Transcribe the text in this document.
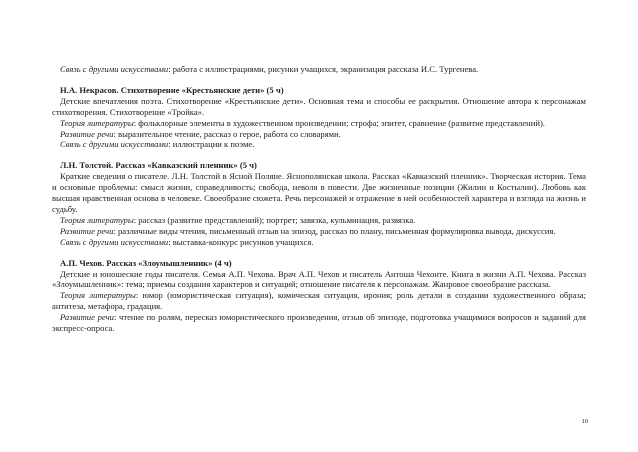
Связь с другими искусствами: работа с иллюстрациями, рисунки учащихся, экранизация рассказа И.С. Тургенева.

Н.А. Некрасов. Стихотворение «Крестьянские дети» (5 ч)

Детские впечатления поэта. Стихотворение «Крестьянские дети». Основная тема и способы ее раскрытия. Отношение автора к персонажам стихотворения. Стихотворение «Тройка».

Теория литературы: фольклорные элементы в художественном произведении; строфа; эпитет, сравнение (развитие представлений).

Развитие речи: выразительное чтение, рассказ о герое, работа со словарями.

Связь с другими искусствами: иллюстрации к поэме.

Л.Н. Толстой. Рассказ «Кавказский пленник» (5 ч)

Краткие сведения о писателе. Л.Н. Толстой в Ясной Поляне. Яснополянская школа. Рассказ «Кавказский пленник». Творческая история. Тема и основные проблемы: смысл жизни, справедливость; свобода, неволя в повести. Две жизненные позиции (Жилин и Костылин). Любовь как высшая нравственная основа в человеке. Своеобразие сюжета. Речь персонажей и отражение в ней особенностей характера и взгляда на жизнь и судьбу.

Теория литературы: рассказ (развитие представлений); портрет; завязка, кульминация, развязка.

Развитие речи: различные виды чтения, письменный отзыв на эпизод, рассказ по плану, письменная формулировка вывода, дискуссия.

Связь с другими искусствами: выставка-конкурс рисунков учащихся.

А.П. Чехов. Рассказ «Злоумышленник» (4 ч)

Детские и юношеские годы писателя. Семья А.П. Чехова. Врач А.П. Чехов и писатель Антоша Чехонте. Книга в жизни А.П. Чехова. Рассказ «Злоумышленник»: тема; приемы создания характеров и ситуаций; отношение писателя к персонажам. Жанровое своеобразие рассказа.

Теория литературы: юмор (юмористическая ситуация), комическая ситуация, ирония; роль детали в создании художественного образа; антитеза, метафора, градация.

Развитие речи: чтение по ролям, пересказ юмористического произведения, отзыв об эпизоде, подготовка учащимися вопросов и заданий для экспресс-опроса.

10
